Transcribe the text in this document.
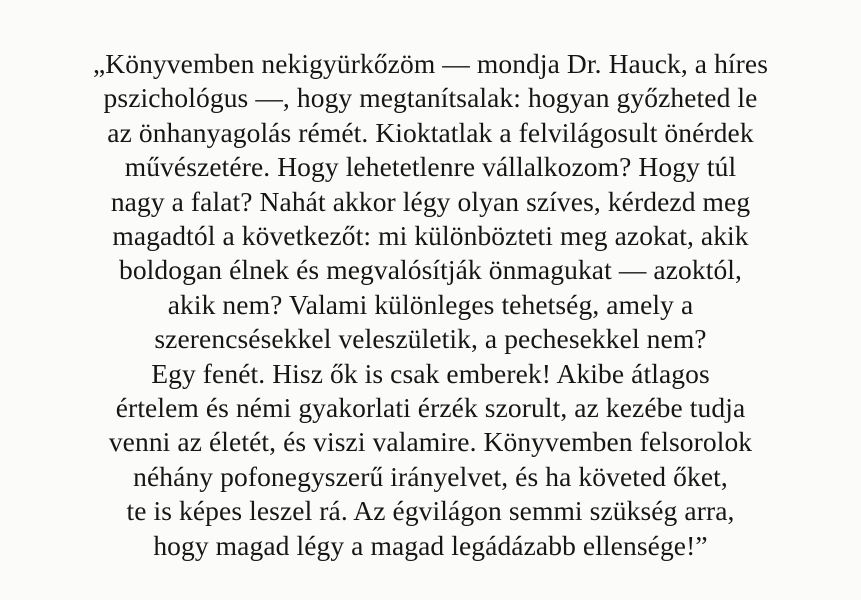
„Könyvemben nekigyürkőzöm — mondja Dr. Hauck, a híres
pszichológus —, hogy megtanítsalak: hogyan győzheted le
az önhanyagolás rémét. Kioktatlak a felvilágosult önérdek
művészetére. Hogy lehetetlenre vállalkozom? Hogy túl
nagy a falat? Nahát akkor légy olyan szíves, kérdezd meg
magadtól a következőt: mi különbözteti meg azokat, akik
boldogan élnek és megvalósítják önmagukat — azoktól,
akik nem? Valami különleges tehetség, amely a
szerencsésekkel veleszületik, a pechesekkel nem?
Egy fenét. Hisz ők is csak emberek! Akibe átlagos
értelem és némi gyakorlati érzék szorult, az kezébe tudja
venni az életét, és viszi valamire. Könyvemben felsorolok
néhány pofonegyszerű irányelvet, és ha követed őket,
te is képes leszel rá. Az égvilágon semmi szükség arra,
hogy magad légy a magad legádázabb ellensége!”
